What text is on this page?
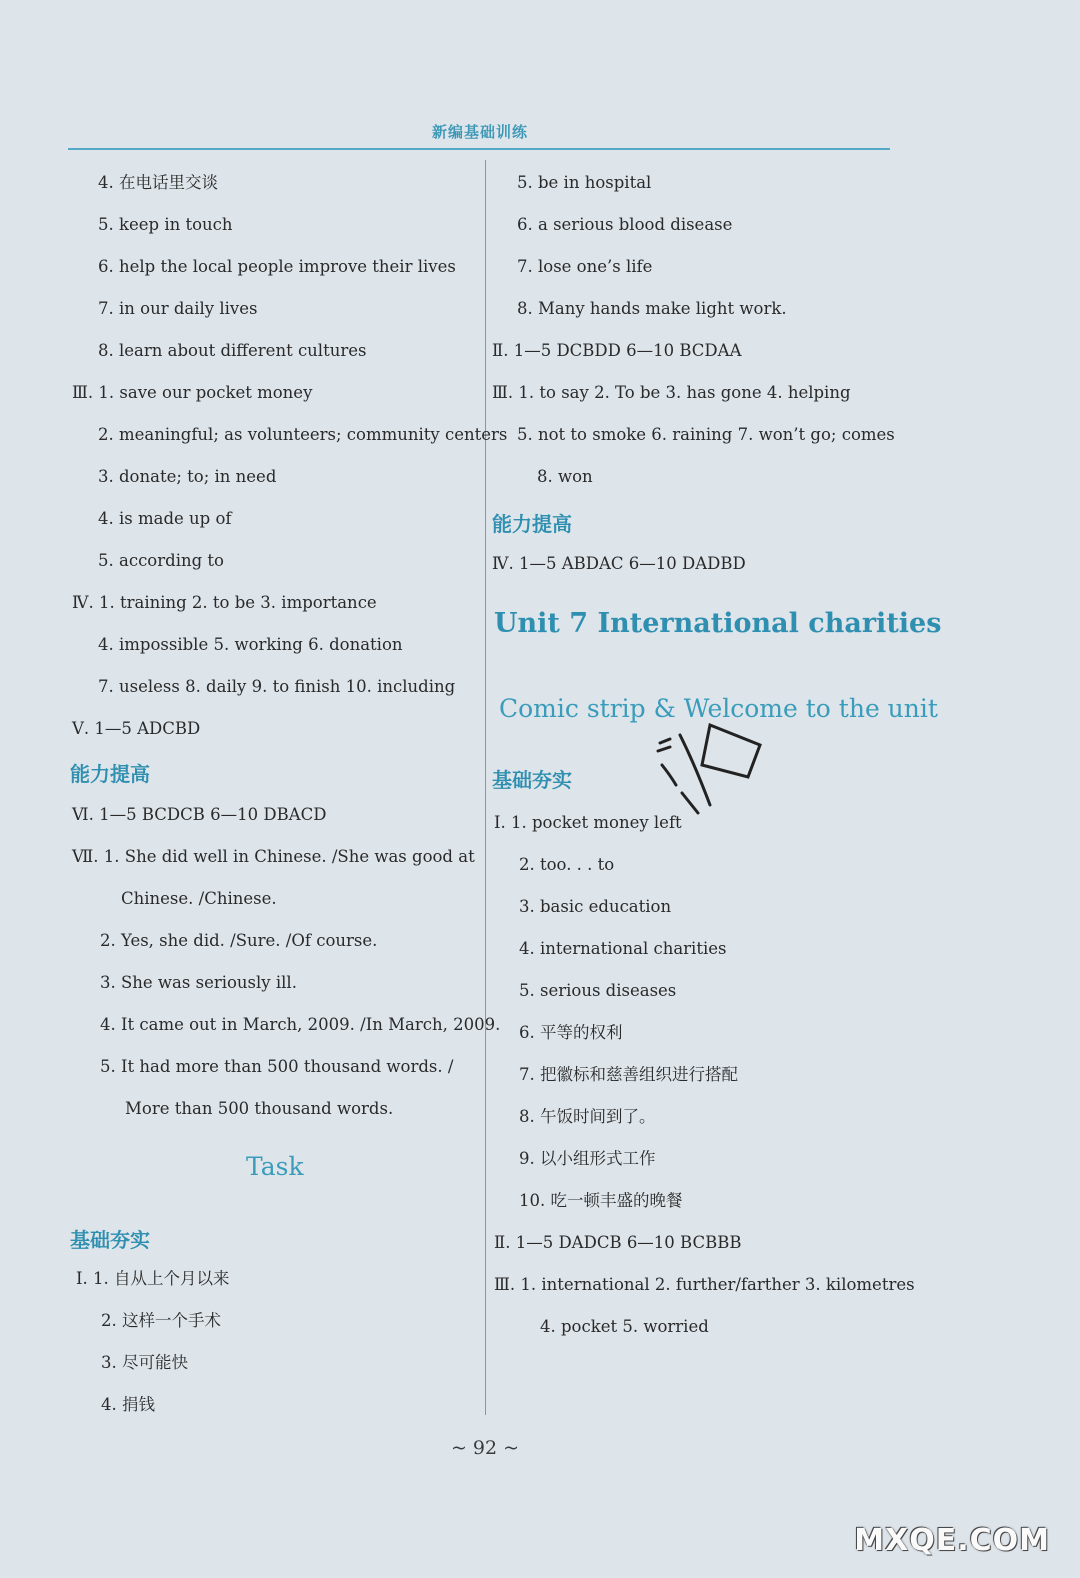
新编基础训练
4. 在电话里交谈
5. keep in touch
6. help the local people improve their lives
7. in our daily lives
8. learn about different cultures
Ⅲ. 1. save our pocket money
2. meaningful; as volunteers; community centers
3. donate; to; in need
4. is made up of
5. according to
Ⅳ. 1. training 2. to be 3. importance
4. impossible 5. working 6. donation
7. useless 8. daily 9. to finish 10. including
Ⅴ. 1—5 ADCBD
能力提高
Ⅵ. 1—5 BCDCB 6—10 DBACD
Ⅶ. 1. She did well in Chinese. /She was good at
Chinese. /Chinese.
2. Yes, she did. /Sure. /Of course.
3. She was seriously ill.
4. It came out in March, 2009. /In March, 2009.
5. It had more than 500 thousand words. /
More than 500 thousand words.
Task
基础夯实
Ⅰ. 1. 自从上个月以来
2. 这样一个手术
3. 尽可能快
4. 捐钱
5. be in hospital
6. a serious blood disease
7. lose one’s life
8. Many hands make light work.
Ⅱ. 1—5 DCBDD 6—10 BCDAA
Ⅲ. 1. to say 2. To be 3. has gone 4. helping
5. not to smoke 6. raining 7. won’t go; comes
8. won
能力提高
Ⅳ. 1—5 ABDAC 6—10 DADBD
Unit 7 International charities
Comic strip & Welcome to the unit
基础夯实
Ⅰ. 1. pocket money left
2. too. . . to
3. basic education
4. international charities
5. serious diseases
6. 平等的权利
7. 把徽标和慈善组织进行搭配
8. 午饭时间到了。
9. 以小组形式工作
10. 吃一顿丰盛的晚餐
Ⅱ. 1—5 DADCB 6—10 BCBBB
Ⅲ. 1. international 2. further/farther 3. kilometres
4. pocket 5. worried
~ 92 ~
MXQE.COM
